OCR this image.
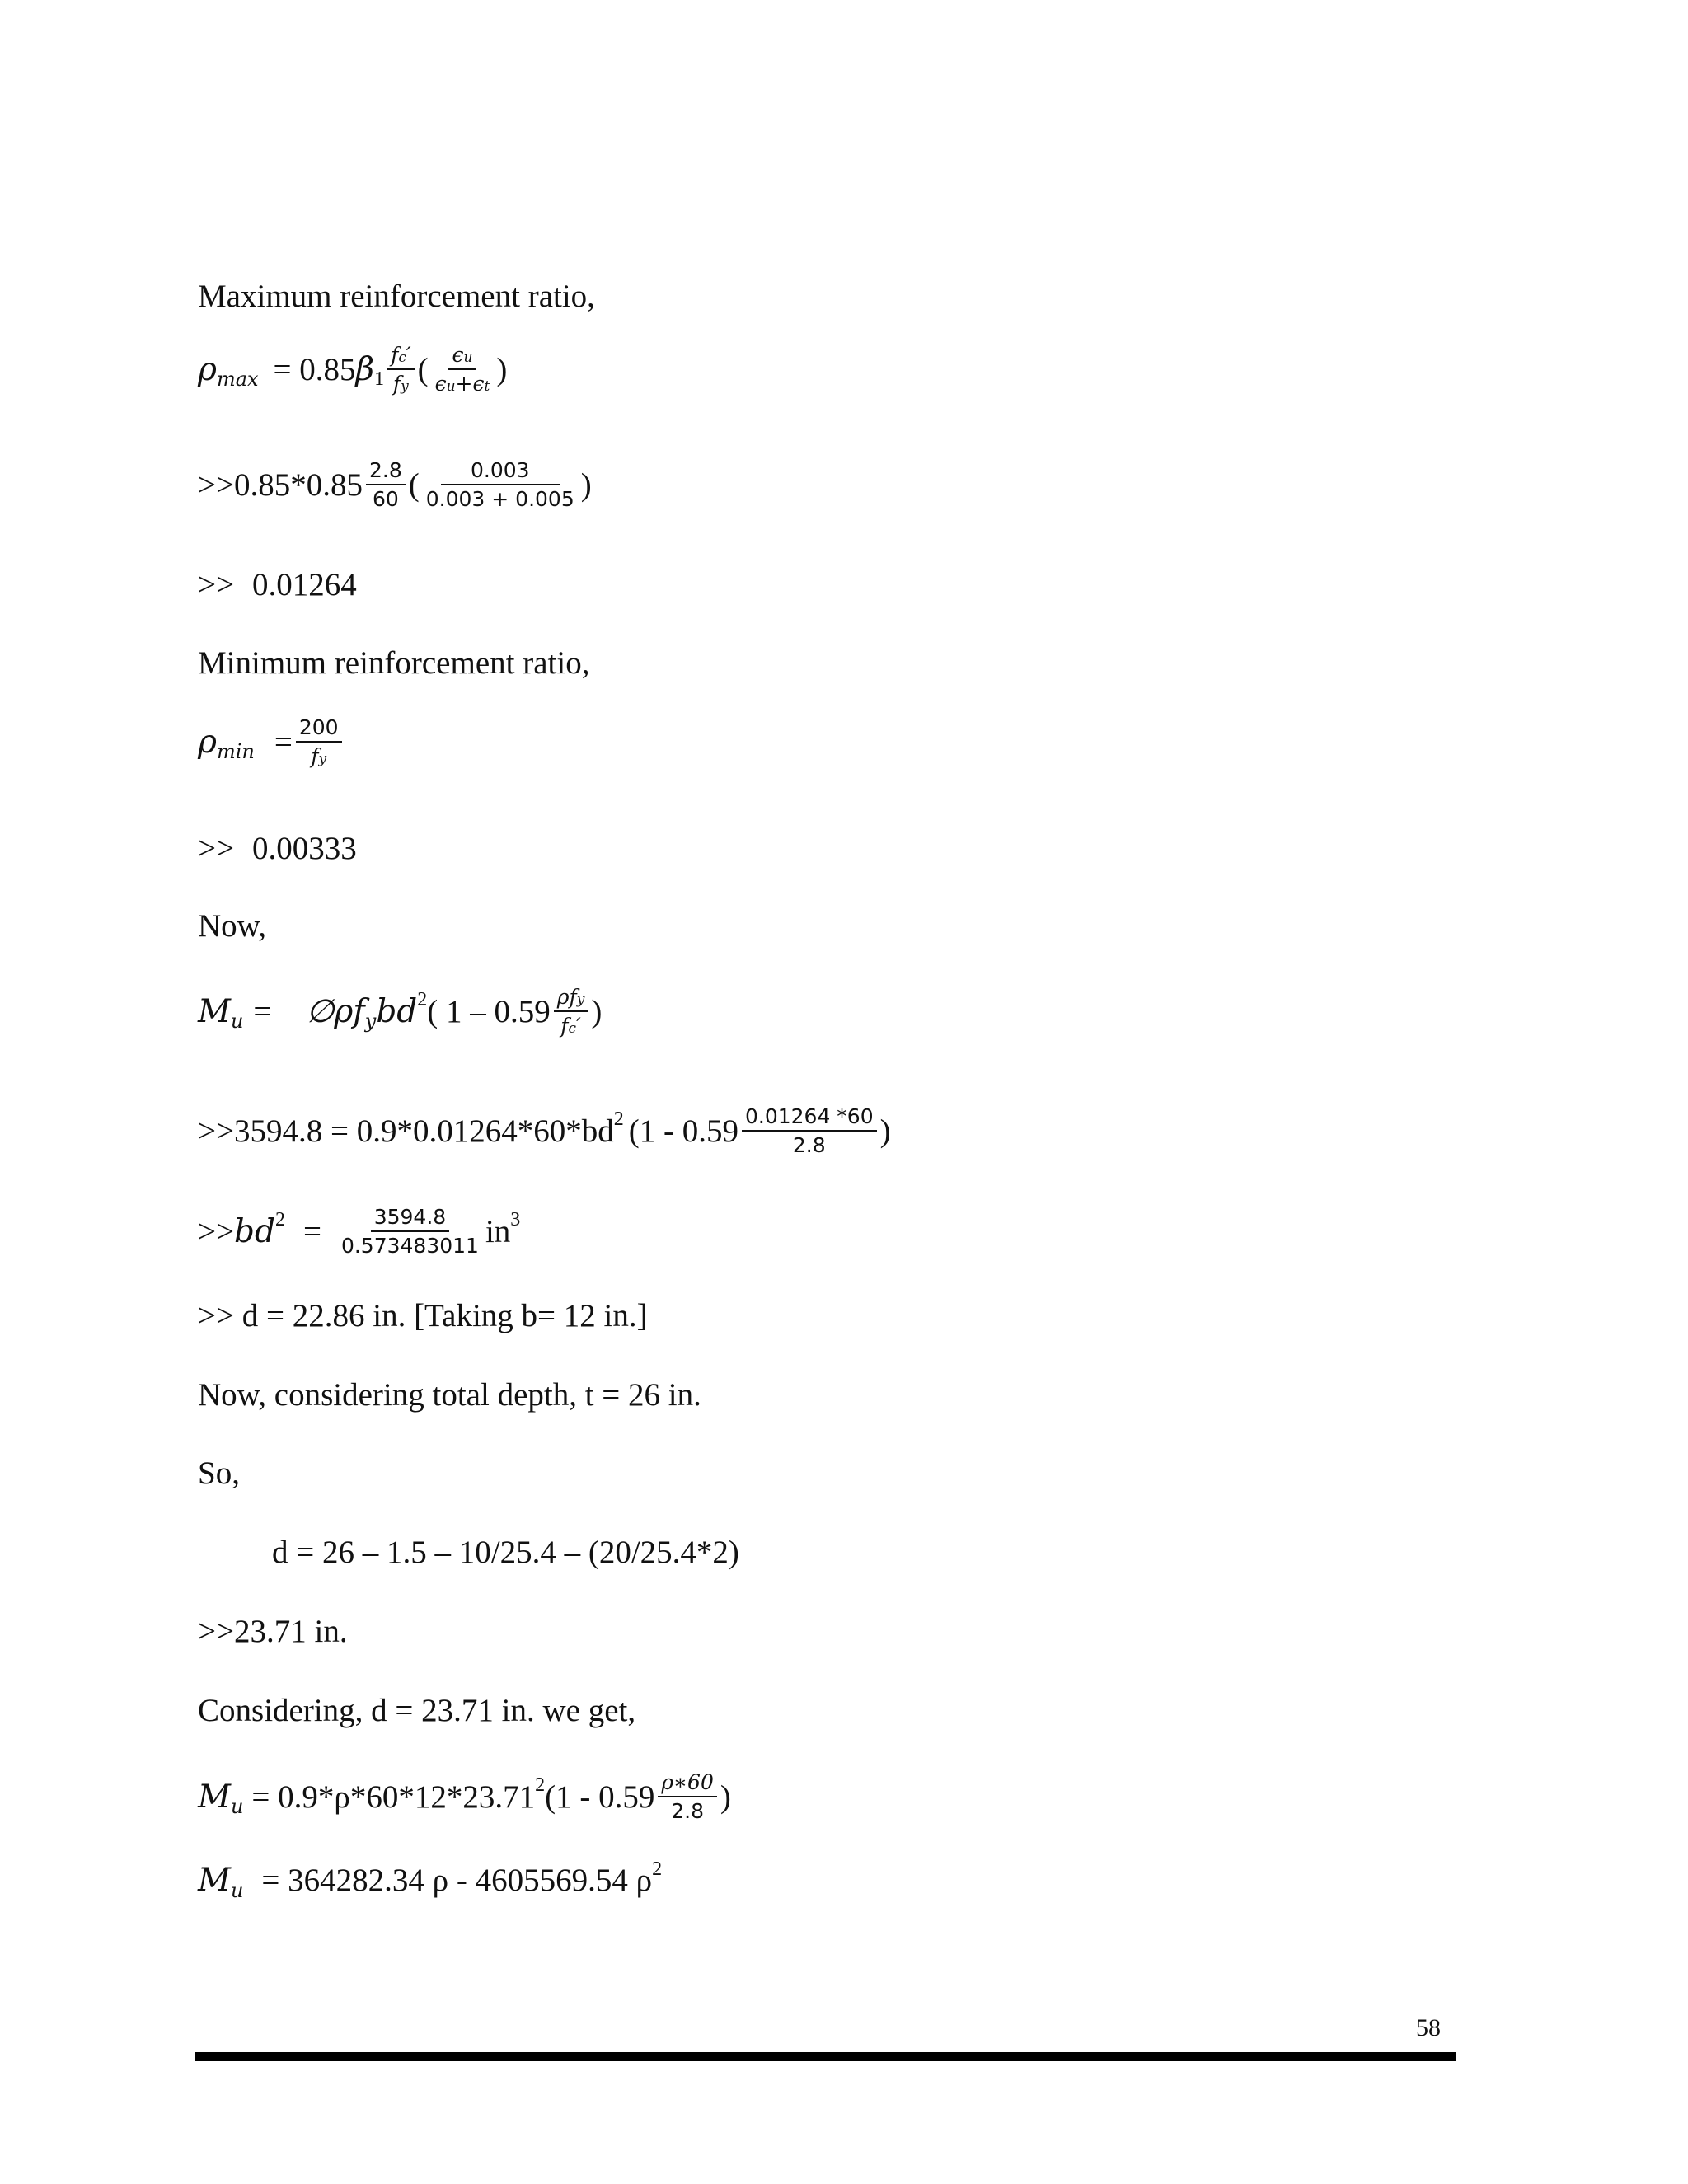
Maximum reinforcement ratio,
ρ max = 0.85 β $1 \frac{fc'}{fy}$ ( $\frac{\epsilon u}{\epsilon u+\epsilon t}$ )
$>>0.85*0.85 \frac{2.8}{60}$ ( $\frac{0.003}{0.003 + 0.005}$ )
>> 0.01264
Minimum reinforcement ratio,
ρ $\min = \frac{200}{fy}$
>> 0.00333
Now,
M u = ∅ρf y bd 2 ( $1 - 0.59 \frac{\text{ρfy}}{fc'}$ )
>>3594.8 = 0.9*0.01264*60*bd 2 ($1 - 0.59 \frac{0.01264 *60}{2.8}$ )
>> bd $2 = \frac{3594.8}{0.573483011}$ in 3
>> d = 22.86 in. [Taking b= 12 in.]
Now, considering total depth, t = 26 in.
So,
d = 26 – 1.5 – 10/25.4 – (20/25.4*2)
>>23.71 in.
Considering, d = 23.71 in. we get,
M u = 0.9*ρ*60*12*23.71 2 ($1 - 0.59 \frac{\rho∗60}{2.8}$ )
M u = 364282.34 ρ - 4605569.54 ρ 2
58
